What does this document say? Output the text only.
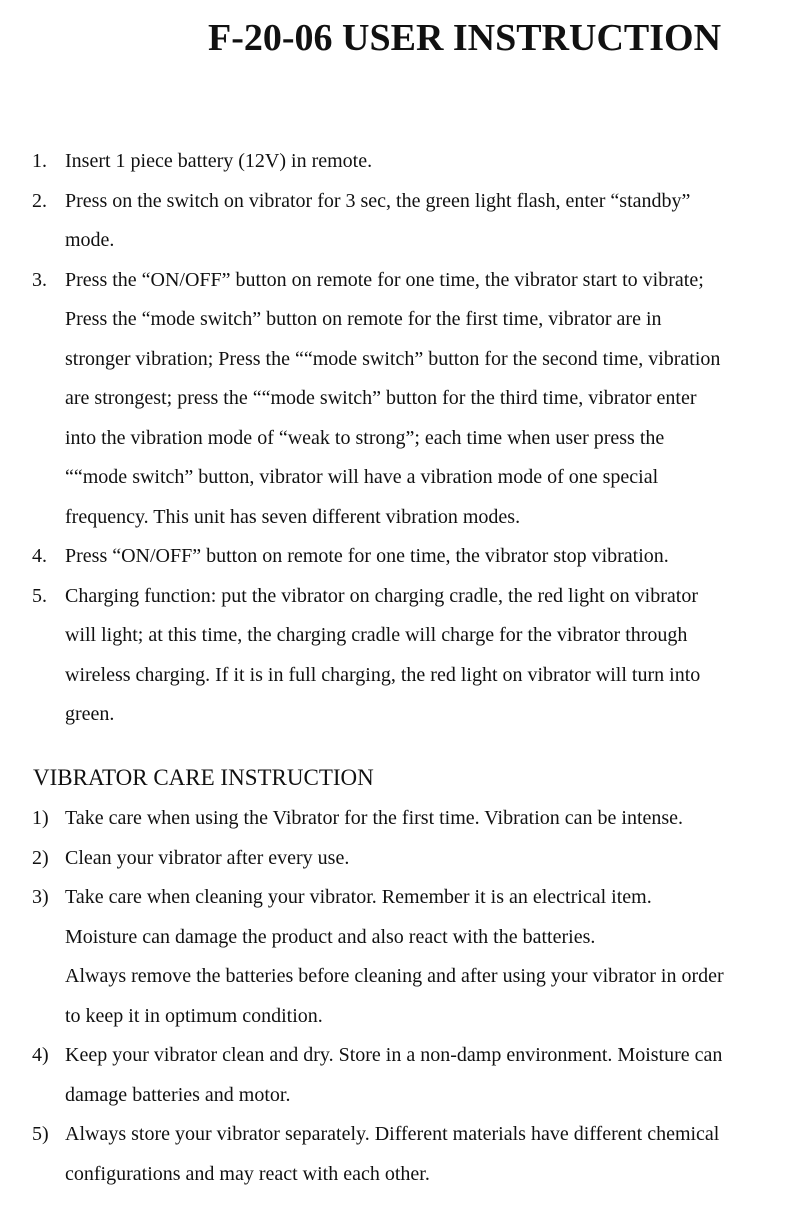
F-20-06 USER INSTRUCTION
1. Insert 1 piece battery (12V) in remote.
2. Press on the switch on vibrator for 3 sec, the green light flash, enter “standby”
mode.
3. Press the “ON/OFF” button on remote for one time, the vibrator start to vibrate;
Press the “mode switch” button on remote for the first time, vibrator are in
stronger vibration; Press the ““mode switch” button for the second time, vibration
are strongest; press the ““mode switch” button for the third time, vibrator enter
into the vibration mode of “weak to strong”; each time when user press the
““mode switch” button, vibrator will have a vibration mode of one special
frequency. This unit has seven different vibration modes.
4. Press “ON/OFF” button on remote for one time, the vibrator stop vibration.
5. Charging function: put the vibrator on charging cradle, the red light on vibrator
will light; at this time, the charging cradle will charge for the vibrator through
wireless charging. If it is in full charging, the red light on vibrator will turn into
green.
VIBRATOR CARE INSTRUCTION
1) Take care when using the Vibrator for the first time. Vibration can be intense.
2) Clean your vibrator after every use.
3) Take care when cleaning your vibrator. Remember it is an electrical item.
Moisture can damage the product and also react with the batteries.
Always remove the batteries before cleaning and after using your vibrator in order
to keep it in optimum condition.
4) Keep your vibrator clean and dry. Store in a non-damp environment. Moisture can
damage batteries and motor.
5) Always store your vibrator separately. Different materials have different chemical
configurations and may react with each other.
